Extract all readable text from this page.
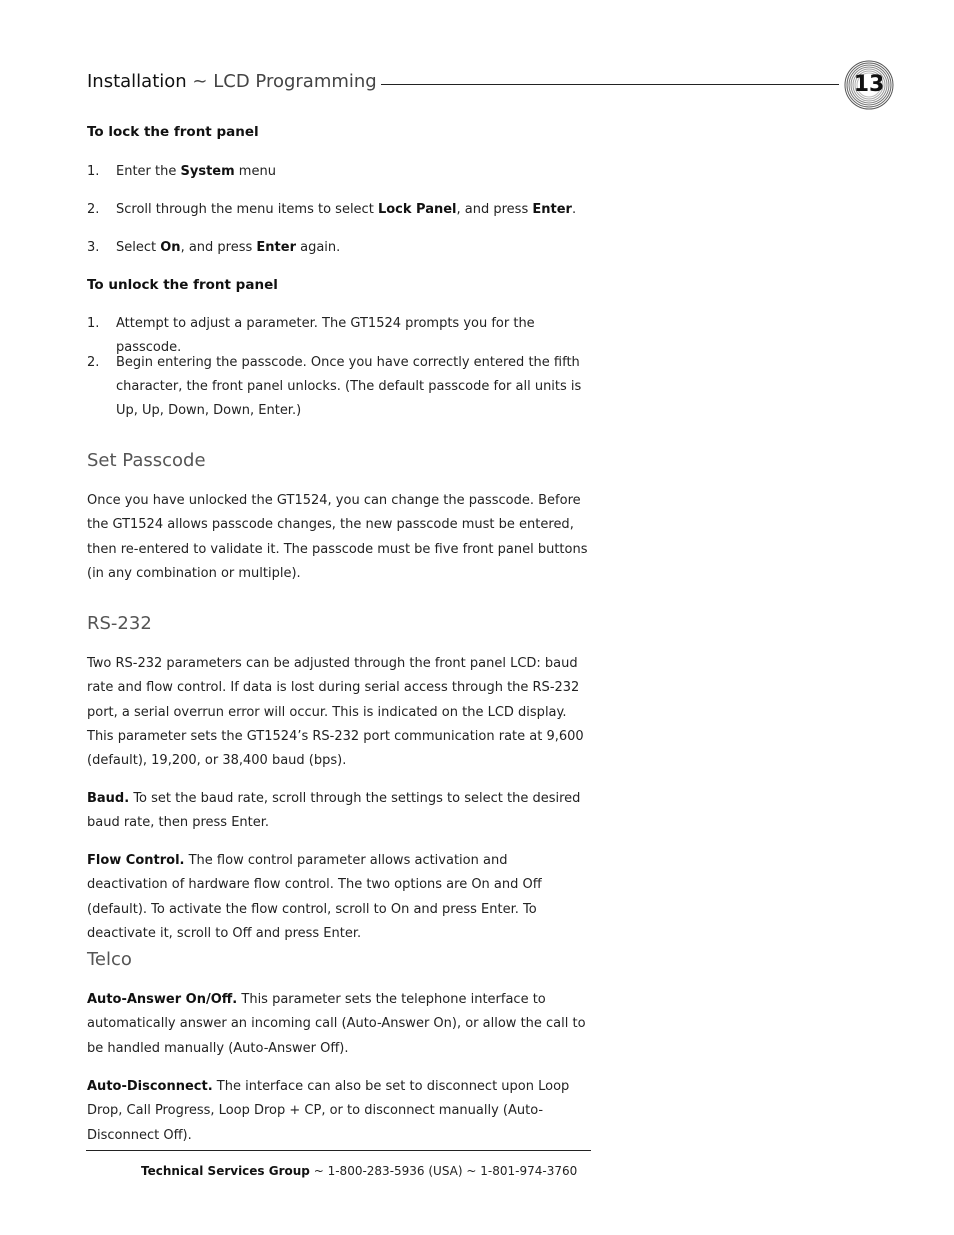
Installation ~ LCD Programming	13
To lock the front panel
1. Enter the System menu
2. Scroll through the menu items to select Lock Panel, and press Enter.
3. Select On, and press Enter again.
To unlock the front panel
1. Attempt to adjust a parameter. The GT1524 prompts you for the passcode.
2. Begin entering the passcode. Once you have correctly entered the fifth character, the front panel unlocks. (The default passcode for all units is Up, Up, Down, Down, Enter.)
Set Passcode

Once you have unlocked the GT1524, you can change the passcode. Before the GT1524 allows passcode changes, the new passcode must be entered, then re-entered to validate it. The passcode must be five front panel buttons (in any combination or multiple).

RS-232

Two RS-232 parameters can be adjusted through the front panel LCD: baud rate and flow control. If data is lost during serial access through the RS-232 port, a serial overrun error will occur. This is indicated on the LCD display. This parameter sets the GT1524’s RS-232 port communication rate at 9,600 (default), 19,200, or 38,400 baud (bps).

Baud. To set the baud rate, scroll through the settings to select the desired baud rate, then press Enter.

Flow Control. The flow control parameter allows activation and deactivation of hardware flow control. The two options are On and Off (default). To activate the flow control, scroll to On and press Enter. To deactivate it, scroll to Off and press Enter.

Telco

Auto-Answer On/Off. This parameter sets the telephone interface to automatically answer an incoming call (Auto-Answer On), or allow the call to be handled manually (Auto-Answer Off).

Auto-Disconnect. The interface can also be set to disconnect upon Loop Drop, Call Progress, Loop Drop + CP, or to disconnect manually (Auto-Disconnect Off).

Technical Services Group ~ 1-800-283-5936 (USA) ~ 1-801-974-3760
